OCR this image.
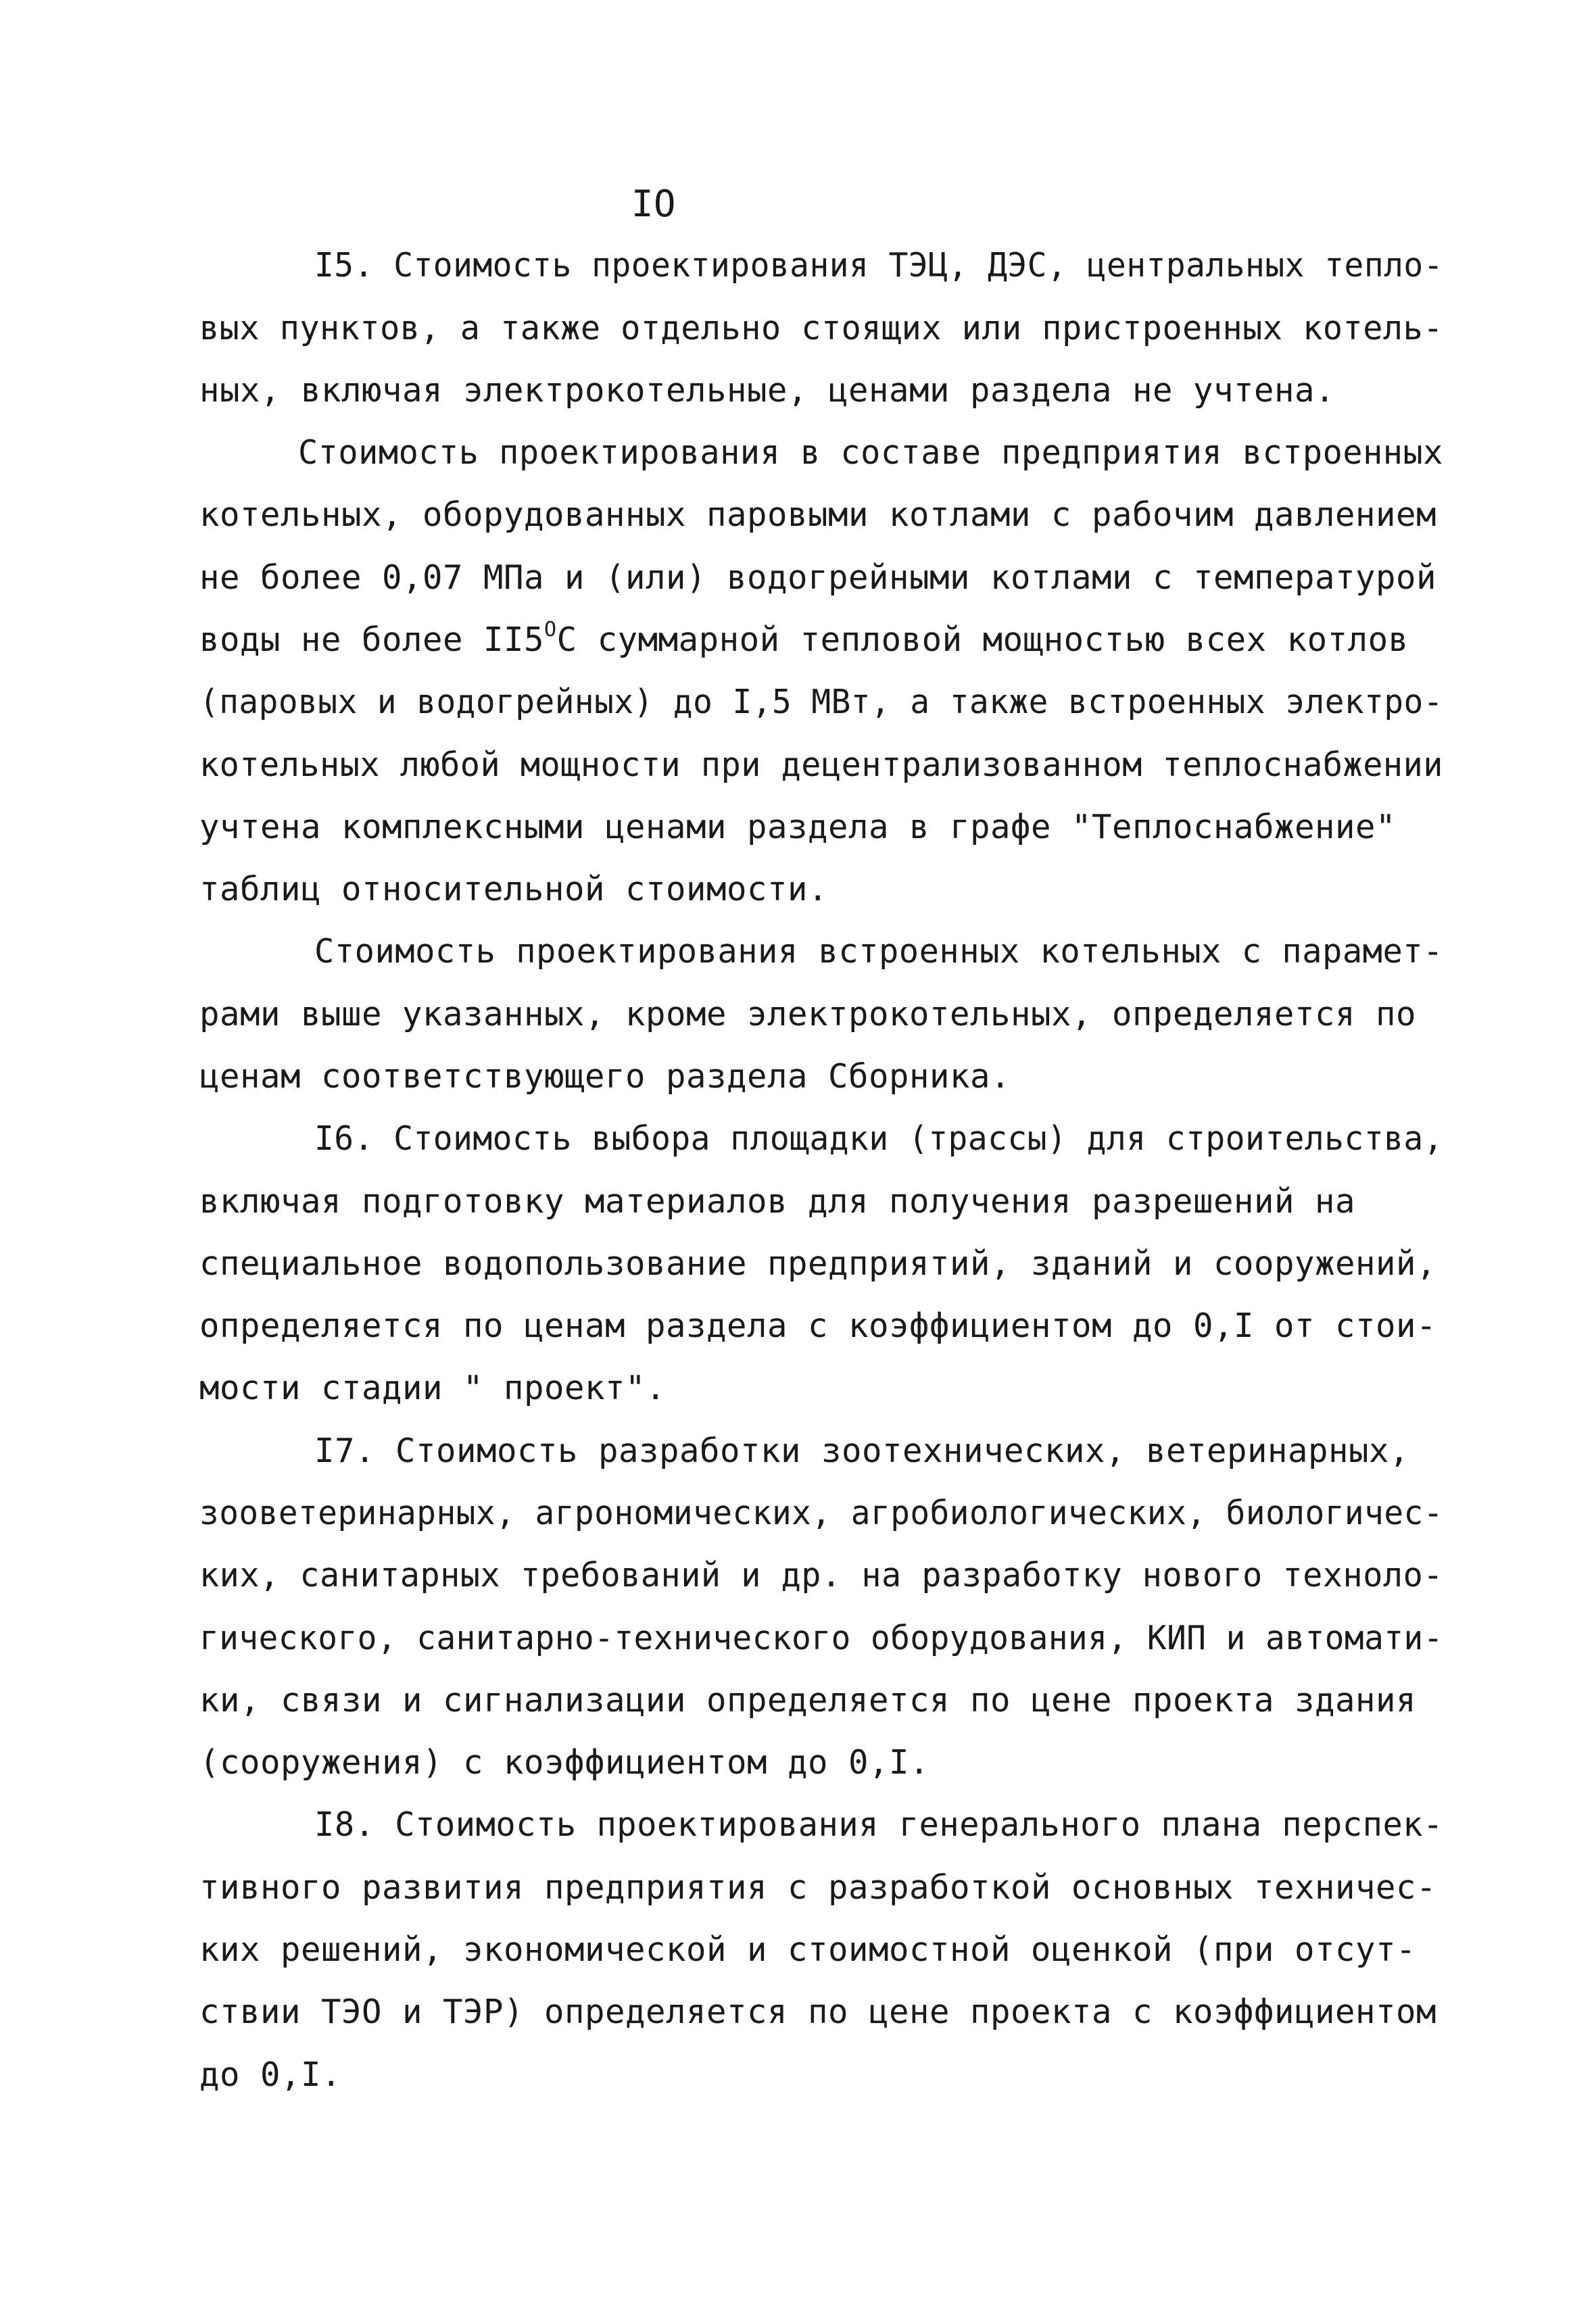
IO
I5. Стоимость проектирования ТЭЦ, ДЭС, центральных тепло-
вых пунктов, а также отдельно стоящих или пристроенных котель-
ных, включая электрокотельные, ценами раздела не учтена.
Стоимость проектирования в составе предприятия встроенных
котельных, оборудованных паровыми котлами с рабочим давлением
не более 0,07 МПа и (или) водогрейными котлами с температурой
воды не более $II5^OС$ суммарной тепловой мощностью всех котлов
(паровых и водогрейных) до I,5 МВт, а также встроенных электро-
котельных любой мощности при децентрализованном теплоснабжении
учтена комплексными ценами раздела в графе "Теплоснабжение"
таблиц относительной стоимости.
Стоимость проектирования встроенных котельных с парамет-
рами выше указанных, кроме электрокотельных, определяется по
ценам соответствующего раздела Сборника.
I6. Стоимость выбора площадки (трассы) для строительства,
включая подготовку материалов для получения разрешений на
специальное водопользование предприятий, зданий и сооружений,
определяется по ценам раздела с коэффициентом до 0,I от стои-
мости стадии " проект".
I7. Стоимость разработки зоотехнических, ветеринарных,
зооветеринарных, агрономических, агробиологических, биологичес-
ких, санитарных требований и др. на разработку нового техноло-
гического, санитарно-технического оборудования, КИП и автомати-
ки, связи и сигнализации определяется по цене проекта здания
(сооружения) с коэффициентом до 0,I.
I8. Стоимость проектирования генерального плана перспек-
тивного развития предприятия с разработкой основных техничес-
ких решений, экономической и стоимостной оценкой (при отсут-
ствии ТЭО и ТЭР) определяется по цене проекта с коэффициентом
до 0,I.
